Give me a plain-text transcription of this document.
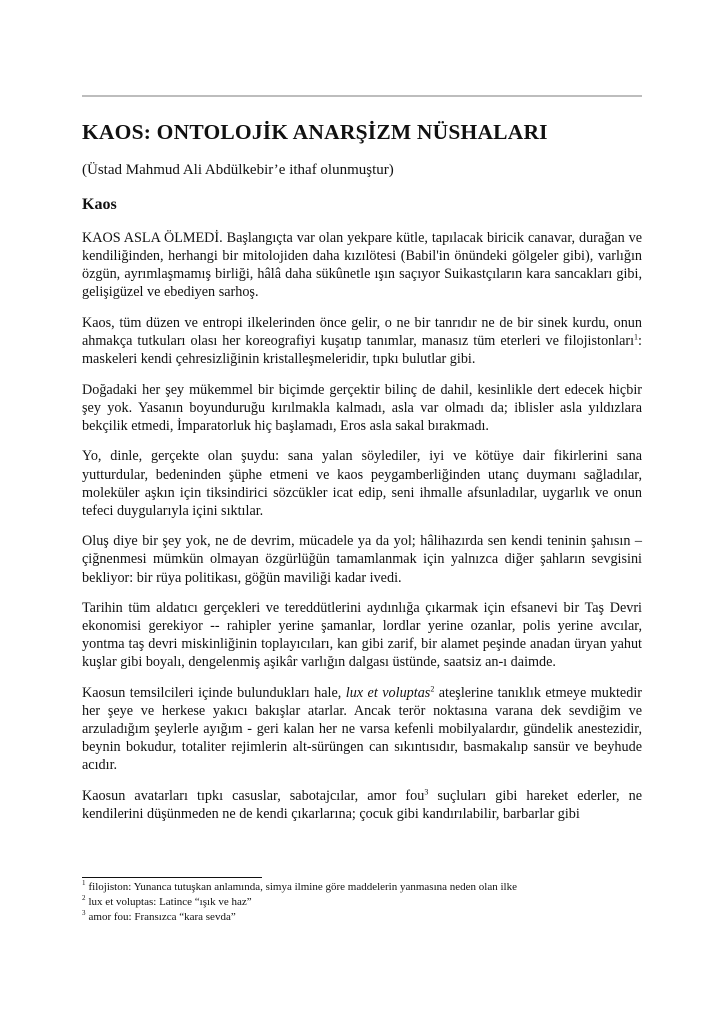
KAOS: ONTOLOJİK ANARŞİZM NÜSHALARI

(Üstad Mahmud Ali Abdülkebir’e ithaf olunmuştur)

Kaos

KAOS ASLA ÖLMEDİ. Başlangıçta var olan yekpare kütle, tapılacak biricik canavar, durağan ve kendiliğinden, herhangi bir mitolojiden daha kızılötesi (Babil'in önündeki gölgeler gibi), varlığın özgün, ayrımlaşmamış birliği, hâlâ daha sükûnetle ışın saçıyor Suikastçıların kara sancakları gibi, gelişigüzel ve ebediyen sarhoş.

Kaos, tüm düzen ve entropi ilkelerinden önce gelir, o ne bir tanrıdır ne de bir sinek kurdu, onun ahmakça tutkuları olası her koreografiyi kuşatıp tanımlar, manasız tüm eterleri ve filojistonları$^1$: maskeleri kendi çehresizliğinin kristalleşmeleridir, tıpkı bulutlar gibi.

Doğadaki her şey mükemmel bir biçimde gerçektir bilinç de dahil, kesinlikle dert edecek hiçbir şey yok. Yasanın boyunduruğu kırılmakla kalmadı, asla var olmadı da; iblisler asla yıldızlara bekçilik etmedi, İmparatorluk hiç başlamadı, Eros asla sakal bırakmadı.

Yo, dinle, gerçekte olan şuydu: sana yalan söylediler, iyi ve kötüye dair fikirlerini sana yutturdular, bedeninden şüphe etmeni ve kaos peygamberliğinden utanç duymanı sağladılar, moleküler aşkın için tiksindirici sözcükler icat edip, seni ihmalle afsunladılar, uygarlık ve onun tefeci duygularıyla içini sıktılar.

Oluş diye bir şey yok, ne de devrim, mücadele ya da yol; hâlihazırda sen kendi teninin şahısın – çiğnenmesi mümkün olmayan özgürlüğün tamamlanmak için yalnızca diğer şahların sevgisini bekliyor: bir rüya politikası, göğün maviliği kadar ivedi.

Tarihin tüm aldatıcı gerçekleri ve tereddütlerini aydınlığa çıkarmak için efsanevi bir Taş Devri ekonomisi gerekiyor -- rahipler yerine şamanlar, lordlar yerine ozanlar, polis yerine avcılar, yontma taş devri miskinliğinin toplayıcıları, kan gibi zarif, bir alamet peşinde anadan üryan yahut kuşlar gibi boyalı, dengelenmiş aşikâr varlığın dalgası üstünde, saatsiz an-ı daimde.

Kaosun temsilcileri içinde bulundukları hale, lux et voluptas$^2$ ateşlerine tanıklık etmeye muktedir her şeye ve herkese yakıcı bakışlar atarlar. Ancak terör noktasına varana dek sevdiğim ve arzuladığım şeylerle ayığım - geri kalan her ne varsa kefenli mobilyalardır, gündelik anestezidir, beynin bokudur, totaliter rejimlerin alt-sürüngen can sıkıntısıdır, basmakalıp sansür ve beyhude acıdır.

Kaosun avatarları tıpkı casuslar, sabotajcılar, amor fou$^3$ suçluları gibi hareket ederler, ne kendilerini düşünmeden ne de kendi çıkarlarına; çocuk gibi kandırılabilir, barbarlar gibi

$^1$ filojiston: Yunanca tutuşkan anlamında, simya ilmine göre maddelerin yanmasına neden olan ilke

$^2$ lux et voluptas: Latince “ışık ve haz”

$^3$ amor fou: Fransızca “kara sevda”
